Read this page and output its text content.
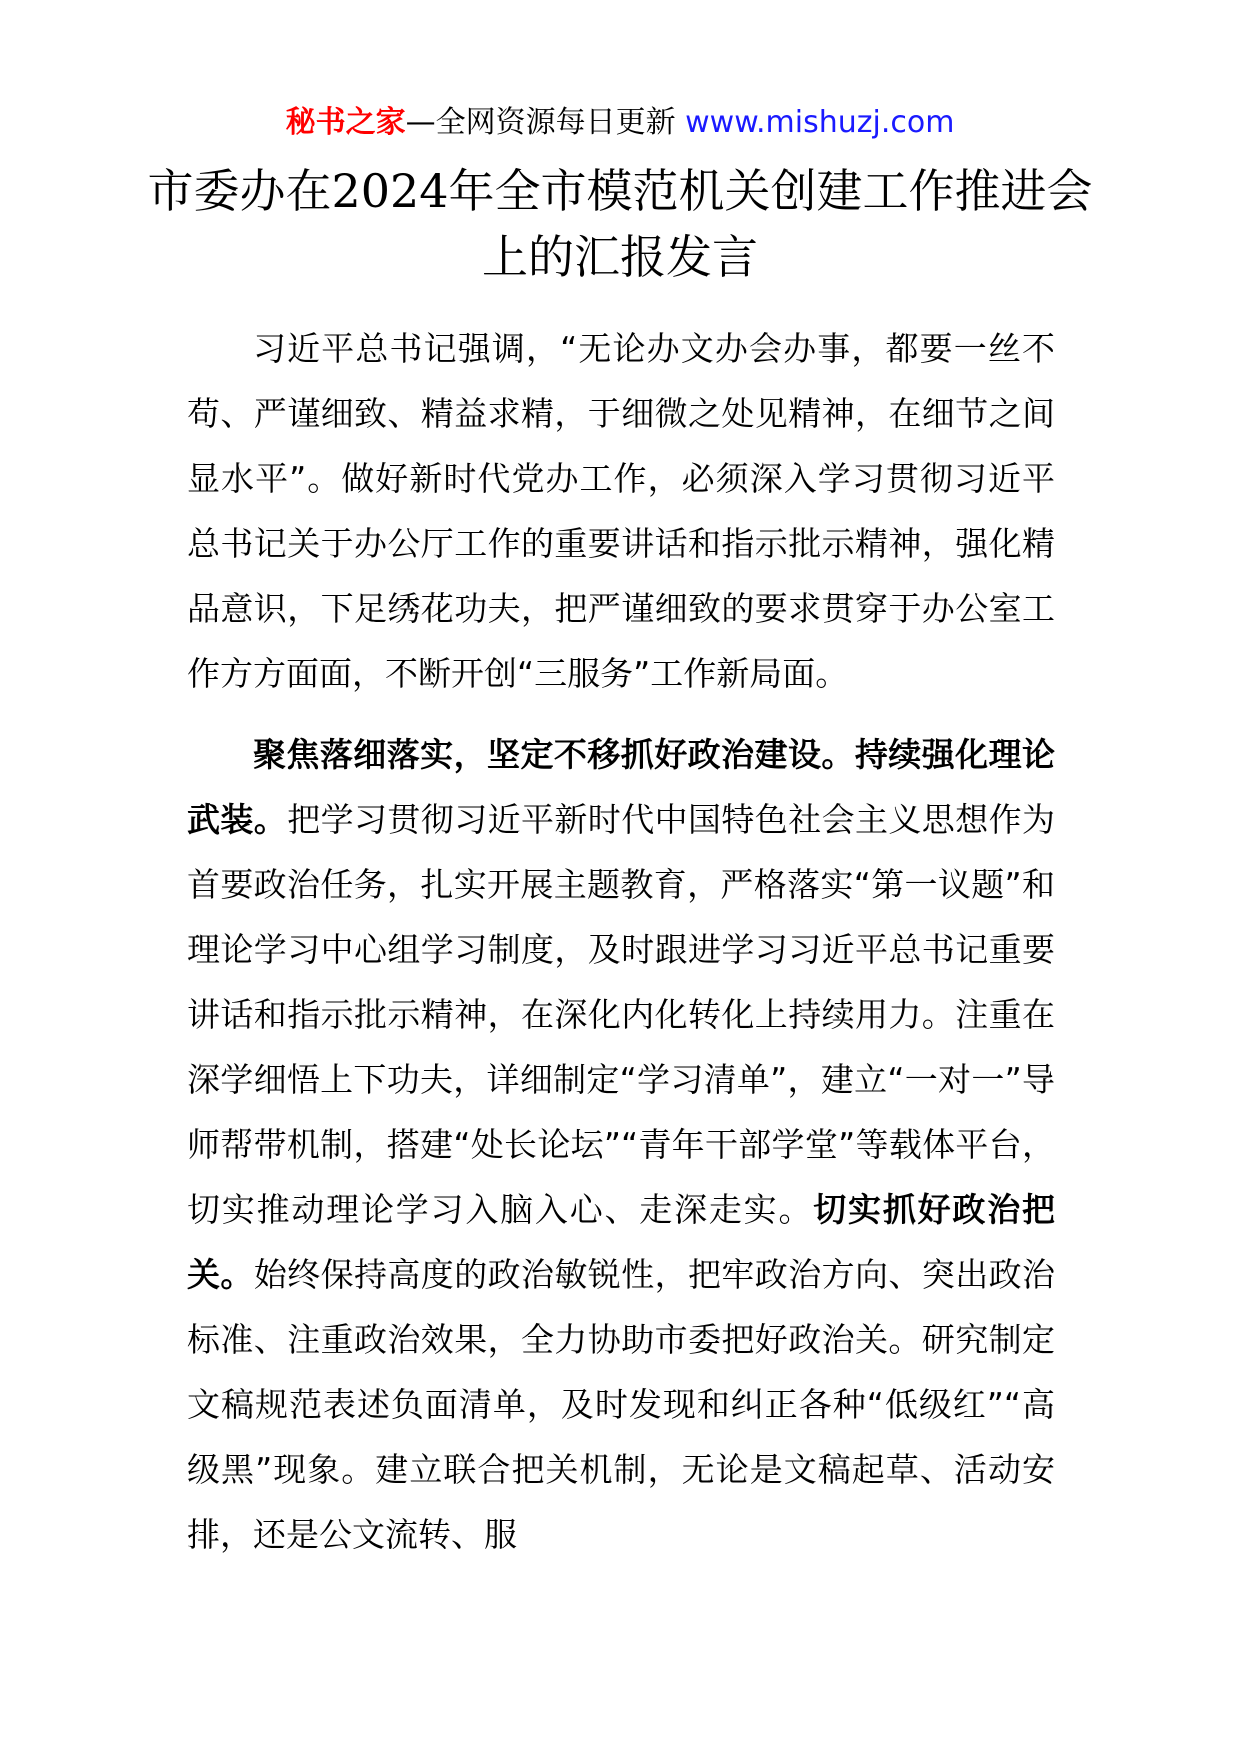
秘书之家—全网资源每日更新 www.mishuzj.com
市委办在2024年全市模范机关创建工作推进会上的汇报发言

习近平总书记强调，“无论办文办会办事，都要一丝不苟、严谨细致、精益求精，于细微之处见精神，在细节之间显水平”。做好新时代党办工作，必须深入学习贯彻习近平总书记关于办公厅工作的重要讲话和指示批示精神，强化精品意识，下足绣花功夫，把严谨细致的要求贯穿于办公室工作方方面面，不断开创“三服务”工作新局面。

聚焦落细落实，坚定不移抓好政治建设。持续强化理论武装。把学习贯彻习近平新时代中国特色社会主义思想作为首要政治任务，扎实开展主题教育，严格落实“第一议题”和理论学习中心组学习制度，及时跟进学习习近平总书记重要讲话和指示批示精神，在深化内化转化上持续用力。注重在深学细悟上下功夫，详细制定“学习清单”，建立“一对一”导师帮带机制，搭建“处长论坛”“青年干部学堂”等载体平台，切实推动理论学习入脑入心、走深走实。切实抓好政治把关。始终保持高度的政治敏锐性，把牢政治方向、突出政治标准、注重政治效果，全力协助市委把好政治关。研究制定文稿规范表述负面清单，及时发现和纠正各种“低级红”“高级黑”现象。建立联合把关机制，无论是文稿起草、活动安排，还是公文流转、服
